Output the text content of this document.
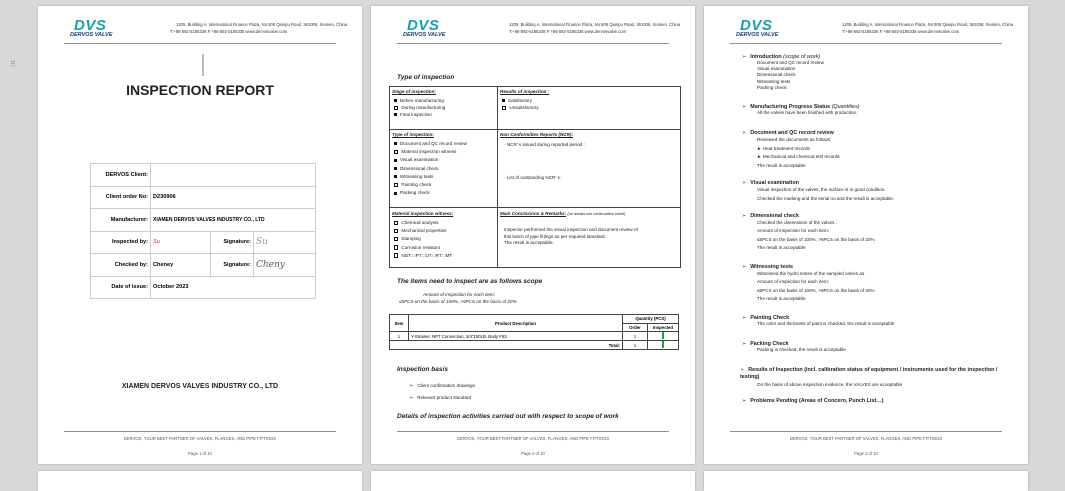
DVS
DERVOS VALVE
1205, Building A, International Finance Plaza, No.506 Qianpu Road, 361008, Xiamen, China
T:+86-592-5185336 F:+86-592-5185335 www.dervosvalve.com
⠿
INSPECTION REPORT
DERVOS Client:			
Client order No:	D230906		
Manufacturer:	XIAMEN DERVOS VALVES INDUSTRY CO., LTD		
Inspected by:	Su	Signature:	Su
Checked by:	Cheney	Signature:	Cheny
Date of issue:	October 2023		
XIAMEN DERVOS VALVES INDUSTRY CO., LTD
DERVOS, YOUR BEST PARTNER OF VALVES, FLANGES, AND PIPE FITTINGS
Page 1 of 10
DVS
DERVOS VALVE
1205, Building A, International Finance Plaza, No.506 Qianpu Road, 361008, Xiamen, China
T:+86-592-5185336 F:+86-592-5185335 www.dervosvalve.com
Type of inspection
Stage of inspection:
Before manufacturing
During manufacturing
Final inspection
Results of inspection :
Satisfactory
Unsatisfactory
Type of inspection:
Document and QC record review
Material inspection witness
Visual examination
Dimensional check
Witnessing tests
Painting check
Packing check
Non Conformities Reports (NCR):
· NCR’ s issued during reported period :
· List of outstanding NCR’ s :
Material inspection witness:
Chemical analysis
Mechanical properties
Stamping
Corrosion resistant
NDT: □PT □UT □RT □MT
Main Conclusions & Remarks: (for details see continuation sheet)
Inspector performed the visual inspection and document review of
this batch of pipe fittings as per required standard.
The result is acceptable.
The items need to inspect are as follows scope
Amount of inspection for each item:
≤5PCS on the basis of 100%, >5PCS on the basis of 20%
Item	Product Description	Quantity (PCS)	
		Order	Inspected
1	Y-Strainer, NPT Connection, 3/4"150LB, Body F53	1	
Total:		1	
Inspection basis
➢ Client confirmation drawings
➢ Relevant product standard
Details of inspection activities carried out with respect to scope of work
DERVOS, YOUR BEST PARTNER OF VALVES, FLANGES, AND PIPE FITTINGS
Page 2 of 10
DVS
DERVOS VALVE
1205, Building A, International Finance Plaza, No.506 Qianpu Road, 361008, Xiamen, China
T:+86-592-5185336 F:+86-592-5185335 www.dervosvalve.com
➢ Introduction (scope of work)
Document and QC record review
Visual examination
Dimensional check
Witnessing tests
Packing check
➢ Manufacturing Progress Status (Quantities)
All the valves have been finished with production.
➢ Document and QC record review
Reviewed the documents as follows:
► Heat treatment records
► Mechanical and chemical test records
The result is acceptable
➢ Visual examination
Visual inspection of the valves, the surface is in good condition.
Checked the marking and the serial no and the result is acceptable.
➢ Dimensional check
Checked the dimensions of the valves .
Amount of inspection for each item:
≤5PCS on the basis of 100%, >5PCS on the basis of 20%
The result is acceptable
➢ Witnessing tests
Witnessed the hydro testes of the sampled valves as
Amount of inspection for each item:
≤5PCS on the basis of 100%, >5PCS on the basis of 20%
The result is acceptable
➢ Painting Check
The color and thickness of paint is checked, the result is acceptable
➢ Packing Check
Packing is checked, the result is acceptable
➢ Results of Inspection (incl. calibration status of equipment / instruments used for the inspection / testing)
On the basis of above inspection evidence, the VALVES are acceptable
➢ Problems Pending (Areas of Concern, Punch List…)
DERVOS, YOUR BEST PARTNER OF VALVES, FLANGES, AND PIPE FITTINGS
Page 3 of 10
